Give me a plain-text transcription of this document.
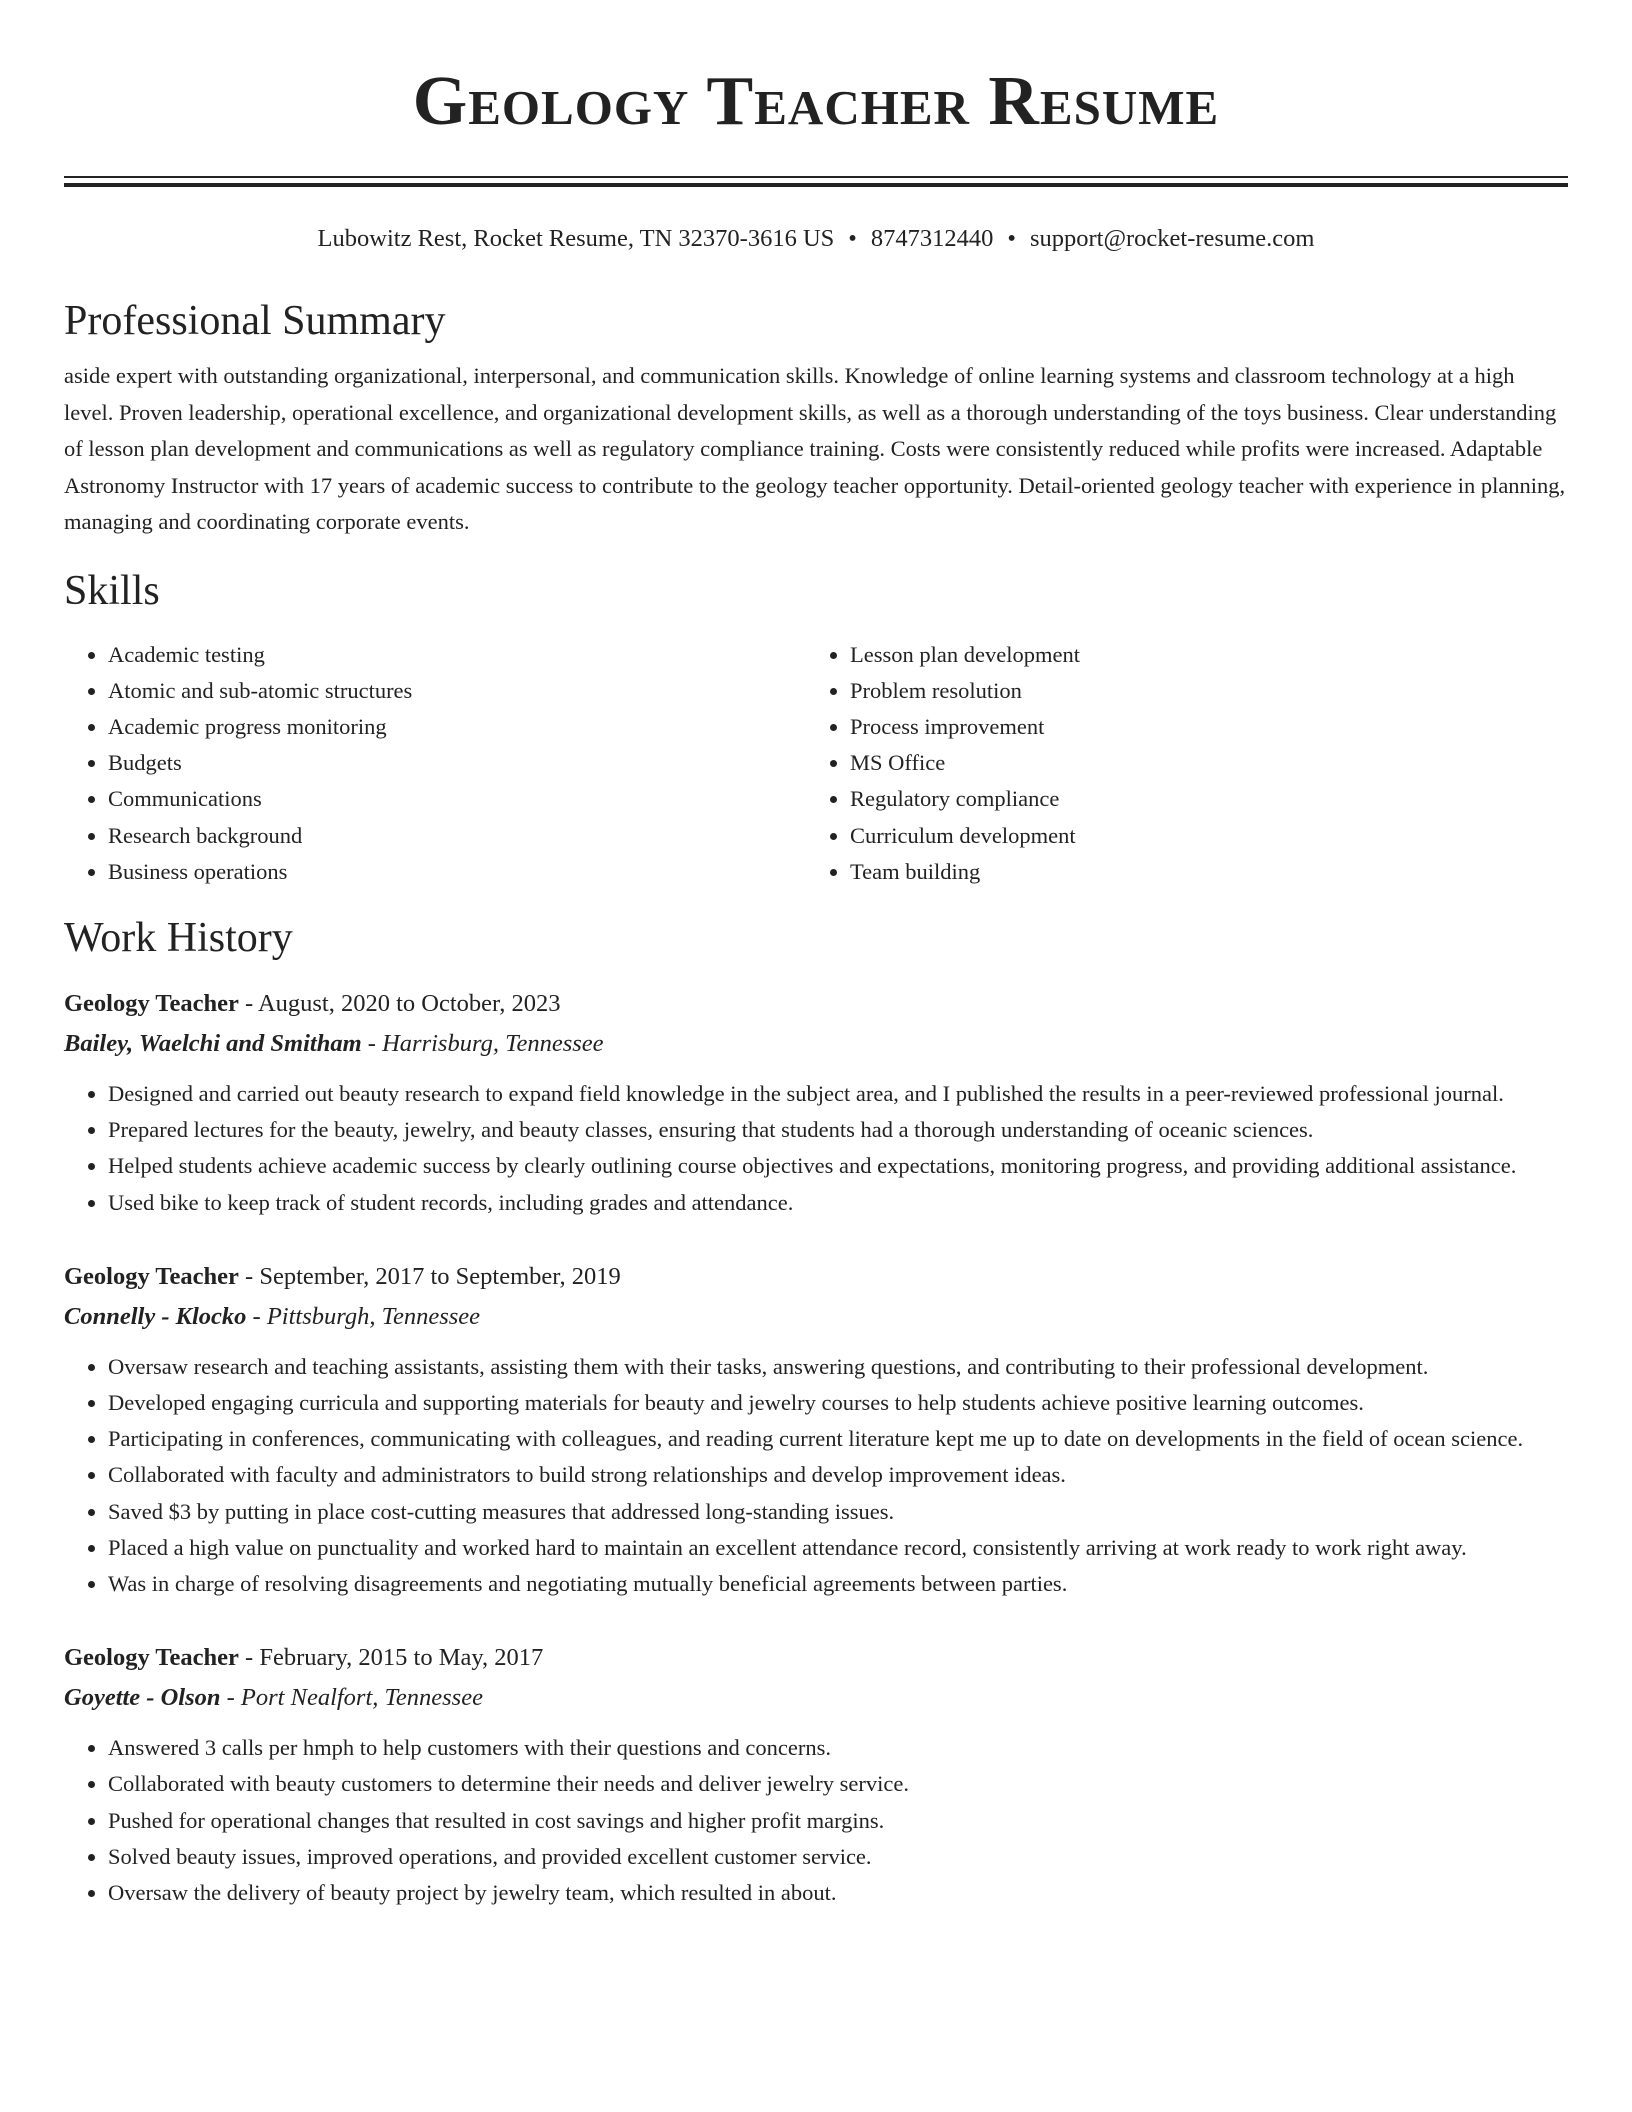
Geology Teacher Resume
Lubowitz Rest, Rocket Resume, TN 32370-3616 US • 8747312440 • support@rocket-resume.com
Professional Summary

aside expert with outstanding organizational, interpersonal, and communication skills. Knowledge of online learning systems and classroom technology at a high level. Proven leadership, operational excellence, and organizational development skills, as well as a thorough understanding of the toys business. Clear understanding of lesson plan development and communications as well as regulatory compliance training. Costs were consistently reduced while profits were increased. Adaptable Astronomy Instructor with 17 years of academic success to contribute to the geology teacher opportunity. Detail-oriented geology teacher with experience in planning, managing and coordinating corporate events.

Skills
• Academic testing
• Atomic and sub-atomic structures
• Academic progress monitoring
• Budgets
• Communications
• Research background
• Business operations
• Lesson plan development
• Problem resolution
• Process improvement
• MS Office
• Regulatory compliance
• Curriculum development
• Team building
Work History
Geology Teacher - August, 2020 to October, 2023
Bailey, Waelchi and Smitham - Harrisburg, Tennessee
• Designed and carried out beauty research to expand field knowledge in the subject area, and I published the results in a peer-reviewed professional journal.
• Prepared lectures for the beauty, jewelry, and beauty classes, ensuring that students had a thorough understanding of oceanic sciences.
• Helped students achieve academic success by clearly outlining course objectives and expectations, monitoring progress, and providing additional assistance.
• Used bike to keep track of student records, including grades and attendance.
Geology Teacher - September, 2017 to September, 2019
Connelly - Klocko - Pittsburgh, Tennessee
• Oversaw research and teaching assistants, assisting them with their tasks, answering questions, and contributing to their professional development.
• Developed engaging curricula and supporting materials for beauty and jewelry courses to help students achieve positive learning outcomes.
• Participating in conferences, communicating with colleagues, and reading current literature kept me up to date on developments in the field of ocean science.
• Collaborated with faculty and administrators to build strong relationships and develop improvement ideas.
• Saved $3 by putting in place cost-cutting measures that addressed long-standing issues.
• Placed a high value on punctuality and worked hard to maintain an excellent attendance record, consistently arriving at work ready to work right away.
• Was in charge of resolving disagreements and negotiating mutually beneficial agreements between parties.
Geology Teacher - February, 2015 to May, 2017
Goyette - Olson - Port Nealfort, Tennessee
• Answered 3 calls per hmph to help customers with their questions and concerns.
• Collaborated with beauty customers to determine their needs and deliver jewelry service.
• Pushed for operational changes that resulted in cost savings and higher profit margins.
• Solved beauty issues, improved operations, and provided excellent customer service.
• Oversaw the delivery of beauty project by jewelry team, which resulted in about.
